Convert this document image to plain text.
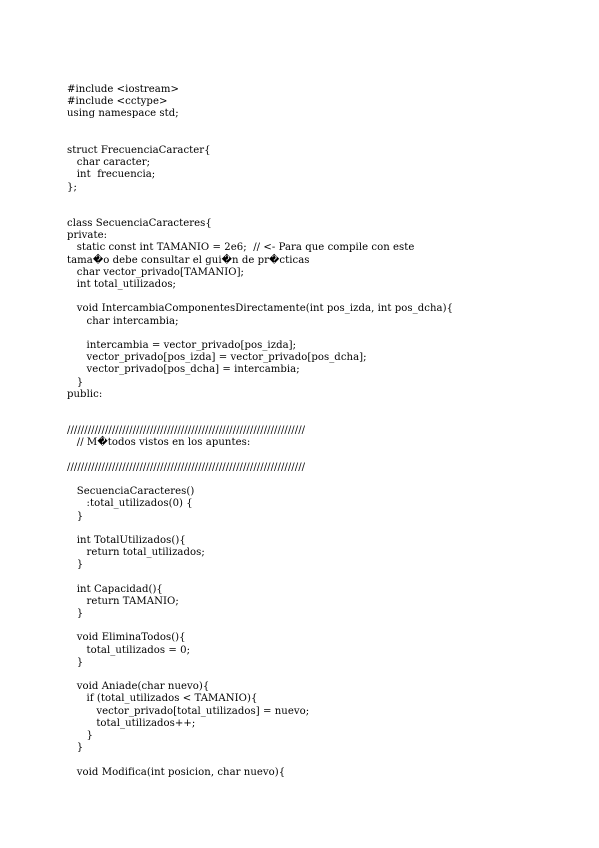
#include <iostream>
#include <cctype>
using namespace std;
struct FrecuenciaCaracter{
char caracter;
int  frecuencia;
};
class SecuenciaCaracteres{
private:
static const int TAMANIO = 2e6;  // <- Para que compile con este
tama�o debe consultar el gui�n de pr�cticas
char vector_privado[TAMANIO];
int total_utilizados;
void IntercambiaComponentesDirectamente(int pos_izda, int pos_dcha){
char intercambia;
intercambia = vector_privado[pos_izda];
vector_privado[pos_izda] = vector_privado[pos_dcha];
vector_privado[pos_dcha] = intercambia;
}
public:
/////////////////////////////////////////////////////////////////////
// M�todos vistos en los apuntes:
/////////////////////////////////////////////////////////////////////
SecuenciaCaracteres()
:total_utilizados(0) {
}
int TotalUtilizados(){
return total_utilizados;
}
int Capacidad(){
return TAMANIO;
}
void EliminaTodos(){
total_utilizados = 0;
}
void Aniade(char nuevo){
if (total_utilizados < TAMANIO){
vector_privado[total_utilizados] = nuevo;
total_utilizados++;
}
}
void Modifica(int posicion, char nuevo){
